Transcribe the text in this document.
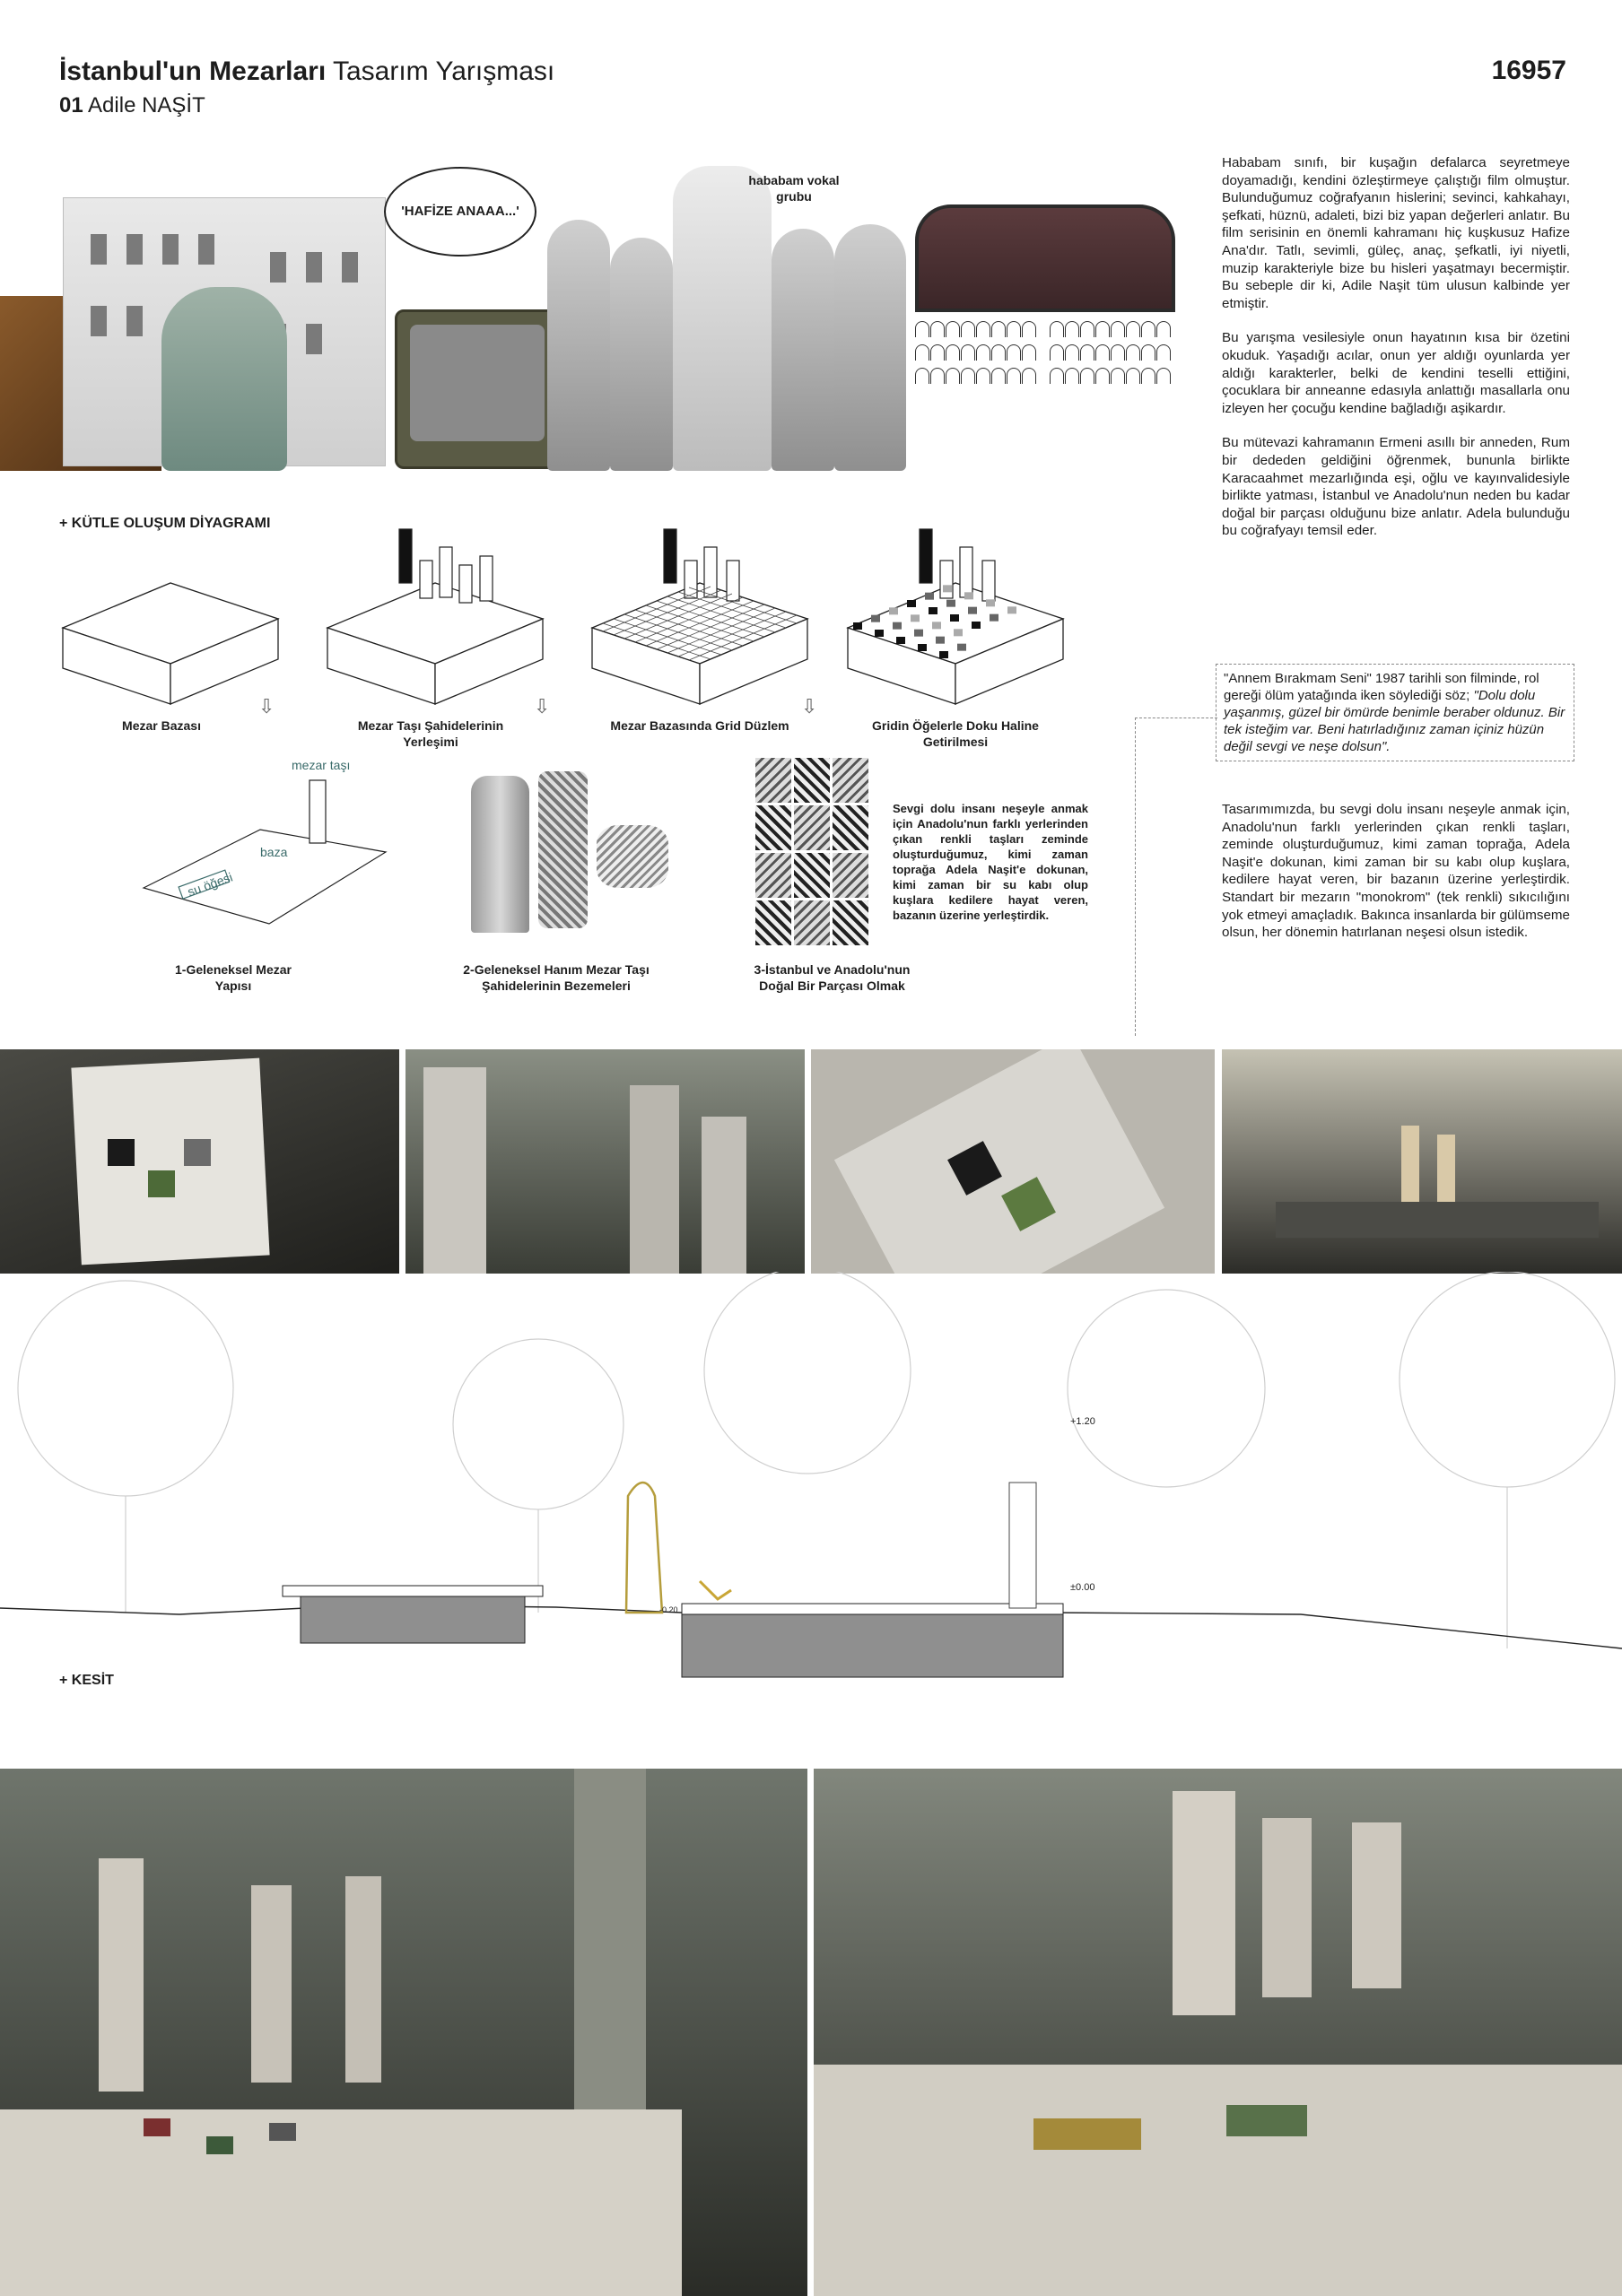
İstanbul'un Mezarları Tasarım Yarışması
01 Adile NAŞİT
16957
'HAFİZE ANAAA...'
hababam vokal grubu

Hababam sınıfı, bir kuşağın defalarca seyretmeye doyamadığı, kendini özleştirmeye çalıştığı film olmuştur. Bulunduğumuz coğrafyanın hislerini; sevinci, kahkahayı, şefkati, hüznü, adaleti, bizi biz yapan değerleri anlatır. Bu film serisinin en önemli kahramanı hiç kuşkusuz Hafize Ana'dır. Tatlı, sevimli, güleç, anaç, şefkatli, iyi niyetli, muzip karakteriyle bize bu hisleri yaşatmayı becermiştir. Bu sebeple dir ki, Adile Naşit tüm ulusun kalbinde yer etmiştir.

Bu yarışma vesilesiyle onun hayatının kısa bir özetini okuduk. Yaşadığı acılar, onun yer aldığı oyunlarda yer aldığı karakterler, belki de kendini teselli ettiğini, çocuklara bir anneanne edasıyla anlattığı masallarla onu izleyen her çocuğu kendine bağladığı aşikardır.

Bu mütevazi kahramanın Ermeni asıllı bir anneden, Rum bir dededen geldiğini öğrenmek, bununla birlikte Karacaahmet mezarlığında eşi, oğlu ve kayınvalidesiyle birlikte yatması, İstanbul ve Anadolu'nun neden bu kadar doğal bir parçası olduğunu bize anlatır. Adela bulunduğu bu coğrafyayı temsil eder.

"Annem Bırakmam Seni" 1987 tarihli son filminde, rol gereği ölüm yatağında iken söylediği söz; "Dolu dolu yaşanmış, güzel bir ömürde benimle beraber oldunuz. Bir tek isteğim var. Beni hatırladığınız zaman içiniz hüzün değil sevgi ve neşe dolsun".

Tasarımımızda, bu sevgi dolu insanı neşeyle anmak için, Anadolu'nun farklı yerlerinden çıkan renkli taşları, zeminde oluşturduğumuz, kimi zaman toprağa, Adela Naşit'e dokunan, kimi zaman bir su kabı olup kuşlara, kedilere hayat veren, bir bazanın üzerine yerleştirdik. Standart bir mezarın "monokrom" (tek renkli) sıkıcılığını yok etmeyi amaçladık. Bakıncа insanlarda bir gülümseme olsun, her dönemin hatırlanan neşesi olsun istedik.

+ KÜTLE OLUŞUM DİYAGRAMI
⇩	⇩	⇩
Mezar Bazası	Mezar Taşı Şahidelerinin Yerleşimi
Mezar Bazasında Grid Düzlem	Gridin Öğelerle Doku Haline Getirilmesi
mezar taşı
baza
su öğesi
Sevgi dolu insanı neşeyle anmak için Anadolu'nun farklı yerlerinden çıkan renkli taşları zeminde oluşturduğumuz, kimi zaman toprağa Adela Naşit'e dokunan, kimi zaman bir su kabı olup kuşlara kedilere hayat veren, bazanın üzerine yerleştirdik.
1-Geleneksel Mezar Yapısı
2-Geleneksel Hanım Mezar Taşı Şahidelerinin Bezemeleri
3-İstanbul ve Anadolu'nun Doğal Bir Parçası Olmak
+1.20
±0.00
-0.20
+ KESİT
